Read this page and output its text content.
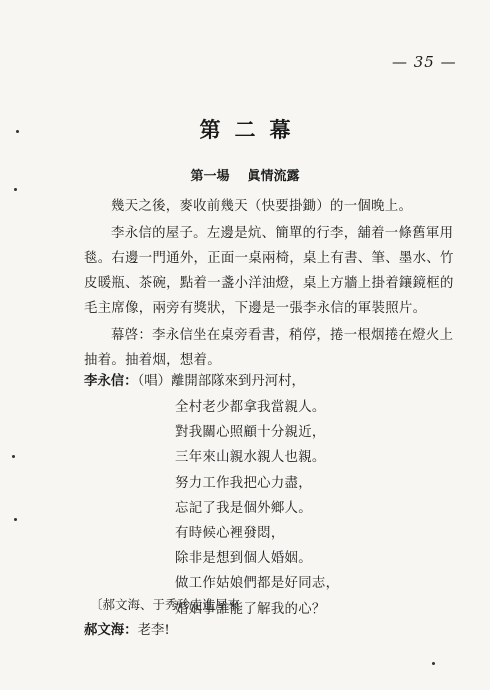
— 35 —
第二幕
第一場 眞情流露

幾天之後，麥收前幾天（快要掛鋤）的一個晚上。

李永信的屋子。左邊是炕、簡單的行李，舖着一條舊軍用毯。右邊一門通外，正面一桌兩椅，桌上有書、筆、墨水、竹皮暖瓶、茶碗，點着一盞小洋油燈，桌上方牆上掛着鑲鏡框的毛主席像，兩旁有獎狀，下邊是一張李永信的軍裝照片。

幕啓：李永信坐在桌旁看書，稍停，捲一根烟捲在燈火上抽着。抽着烟，想着。

李永信：（唱）離開部隊來到丹河村，
全村老少都拿我當親人。
對我關心照顧十分親近，
三年來山親水親人也親。
努力工作我把心力盡，
忘記了我是個外鄉人。
有時候心裡發悶，
除非是想到個人婚姻。
做工作姑娘們都是好同志，
婚姻事誰能了解我的心？
〔郝文海、于秀珍走進屋來
郝文海：老李!
